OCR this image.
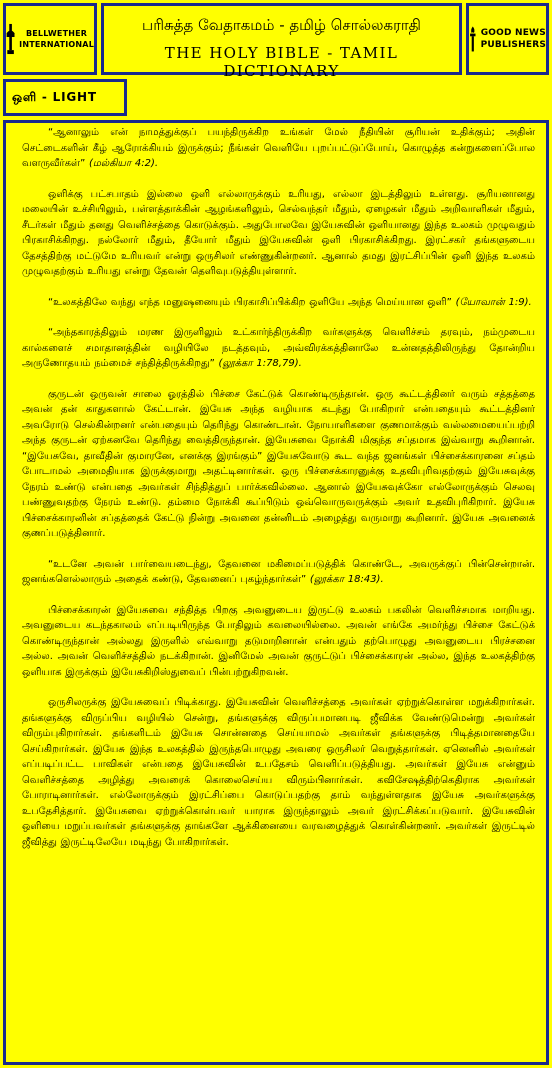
BELLWETHER
INTERNATIONAL
பரிசுத்த வேதாகமம் - தமிழ் சொல்லகராதி
THE HOLY BIBLE - TAMIL DICTIONARY
GOOD NEWS
PUBLISHERS
ஒளி - LIGHT

“ஆனாலும் என் நாமத்துக்குப் பயந்திருக்கிற உங்கள் மேல் நீதியின் சூரியன் உதிக்கும்; அதின் செட்டைகளின் கீழ் ஆரோக்கியம் இருக்கும்; நீங்கள் வெளியே புறப்பட்டுப்போய், கொழுத்த கன்றுகளைப்போல வளருவீர்கள்” (மல்கியா 4:2).

ஒளிக்கு பட்சபாதம் இல்லை ஒளி எல்லாருக்கும் உரியது, எல்லா இடத்திலும் உள்ளது. சூரியனானது மலையின் உச்சியிலும், பள்ளத்தாக்கின் ஆழங்களிலும், செல்வந்தர் மீதும், ஏழைகள் மீதும் அறிவாளிகள் மீதும், சீடர்கள் மீதும் தனது வெளிச்சத்தை கொடுக்கும். அதுபோலவே இயேசுவின் ஒளியானது இந்த உலகம் முழுவதும் பிரகாசிக்கிறது. நல்லோர் மீதும், தீயோர் மீதும் இயேசுவின் ஒளி பிரகாசிக்கிறது. இரட்சகர் தங்களுடைய தேசத்திற்கு மட்டுமே உரியவர் என்று ஒருசிலர் எண்ணுகின்றனர். ஆனால் தமது இரட்சிப்பின் ஒளி இந்த உலகம் முழுவதற்கும் உரியது என்று தேவன் தெளிவுபடுத்தியுள்ளார்.

“உலகத்திலே வந்து எந்த மனுஷனையும் பிரகாசிப்பிக்கிற ஒளியே அந்த மெய்யான ஒளி” (யோவான் 1:9).

“அந்தகாரத்திலும் மரண இருளிலும் உட்கார்ந்திருக்கிற வர்களுக்கு வெளிச்சம் தரவும், நம்முடைய கால்களைச் சமாதானத்தின் வழியிலே நடத்தவும், அவ்விரக்கத்தினாலே உன்னதத்திலிருந்து தோன்றிய அருணோதயம் நம்மைச் சந்தித்திருக்கிறது” (லூக்கா 1:78,79).

குருடன் ஒருவன் சாலை ஓரத்தில் பிச்சை கேட்டுக் கொண்டிருந்தான். ஒரு கூட்டத்தினர் வரும் சத்தத்தை அவன் தன் காதுகளால் கேட்டான். இயேசு அந்த வழியாக கடந்து போகிறார் என்பதையும் கூட்டத்தினர் அவரோடு செல்கின்றனர் என்பதையும் தெரிந்து கொண்டான். நோயாளிகளை குணமாக்கும் வல்லமையைப்பற்றி அந்த குருடன் ஏற்கனவே தெரிந்து வைத்திருந்தான். இயேசுவை நோக்கி மிகுந்த சப்தமாக இவ்வாறு கூறினான். “இயேசுவே, தாவீதின் குமாரனே, எனக்கு இரங்கும்” இயேசுவோடு கூட வந்த ஜனங்கள் பிச்சைக்காரனை சப்தம் போடாமல் அமைதியாக இருக்குமாறு அதட்டினார்கள். ஒரு பிச்சைக்காரனுக்கு உதவிபுரிவதற்கும் இயேசுவுக்கு நேரம் உண்டு என்பதை அவர்கள் சிந்தித்துப் பார்க்கவில்லை. ஆனால் இயேசுவுக்கோ எல்லோருக்கும் செலவு பண்ணுவதற்கு நேரம் உண்டு. தம்மை நோக்கி கூப்பிடும் ஒவ்வொருவருக்கும் அவர் உதவிபுரிகிறார். இயேசு பிச்சைக்காரனின் சப்தத்தைக் கேட்டு நின்று அவனை தன்னிடம் அழைத்து வருமாறு கூறினார். இயேசு அவனைக் குணப்படுத்தினார்.

“உடனே அவன் பார்வையடைந்து, தேவனை மகிமைப்படுத்திக் கொண்டே, அவருக்குப் பின்சென்றான். ஜனங்களெல்லாரும் அதைக் கண்டு, தேவனைப் புகழ்ந்தார்கள்” (லூக்கா 18:43).

பிச்சைக்காரன் இயேசுவை சந்தித்த பிறகு அவனுடைய இருட்டு உலகம் பகலின் வெளிச்சமாக மாறியது. அவனுடைய கடந்தகாலம் எப்படியிருந்த போதிலும் கவலையில்லை. அவன் எங்கே அமர்ந்து பிச்சை கேட்டுக் கொண்டிருந்தான் அல்லது இருளில் எவ்வாறு தடுமாறினான் என்பதும் தற்பொழுது அவனுடைய பிரச்சனை அல்ல. அவன் வெளிச்சத்தில் நடக்கிறான். இனிமேல் அவன் குருட்டுப் பிச்சைக்காரன் அல்ல, இந்த உலகத்திற்கு ஒளியாக இருக்கும் இயேசுகிறிஸ்துவைப் பின்பற்றுகிறவன்.

ஒருசிலருக்கு இயேசுவைப் பிடிக்காது. இயேசுவின் வெளிச்சத்தை அவர்கள் ஏற்றுக்கொள்ள மறுக்கிறார்கள். தங்களுக்கு விருப்பிய வழியில் சென்று, தங்களுக்கு விருப்பமானபடி ஜீவிக்க வேண்டுமென்று அவர்கள் விரும்புகிறார்கள். தங்களிடம் இயேசு சொன்னதை செய்யாமல் அவர்கள் தங்களுக்கு பிடித்தமானதையே செய்கிறார்கள். இயேசு இந்த உலகத்தில் இருந்தபொழுது அவரை ஒருசிலர் வெறுத்தார்கள். ஏனெனில் அவர்கள் எப்படிப்பட்ட பாவிகள் என்பதை இயேசுவின் உபதேசம் வெளிப்படுத்தியது. அவர்கள் இயேசு என்னும் வெளிச்சத்தை அழித்து அவரைக் கொலைசெய்ய விரும்பினார்கள். கவிசேஷத்திற்கெதிராக அவர்கள் போராடினார்கள். எல்லோருக்கும் இரட்சிப்பை கொடுப்பதற்கு தாம் வந்துள்ளதாக இயேசு அவர்களுக்கு உபதேசித்தார். இயேசுவை ஏற்றுக்கொள்பவர் யாராக இருந்தாலும் அவர் இரட்சிக்கப்படுவார். இயேசுவின் ஒளியை மறுப்பவர்கள் தங்களுக்கு தாங்களே ஆக்கினையை வரவழைத்துக் கொள்கின்றனர். அவர்கள் இருட்டில் ஜீவித்து இருட்டிலேயே மடிந்து போகிறார்கள்.
